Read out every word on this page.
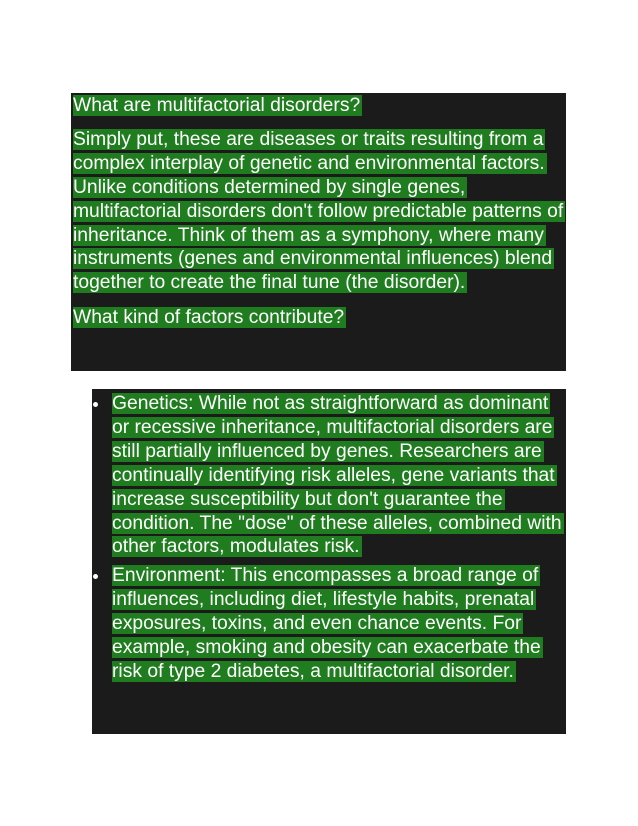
What are multifactorial disorders?

Simply put, these are diseases or traits resulting from a complex interplay of genetic and environmental factors. Unlike conditions determined by single genes, multifactorial disorders don't follow predictable patterns of inheritance. Think of them as a symphony, where many instruments (genes and environmental influences) blend together to create the final tune (the disorder).

What kind of factors contribute?

Genetics: While not as straightforward as dominant or recessive inheritance, multifactorial disorders are still partially influenced by genes. Researchers are continually identifying risk alleles, gene variants that increase susceptibility but don't guarantee the condition. The "dose" of these alleles, combined with other factors, modulates risk.
Environment: This encompasses a broad range of influences, including diet, lifestyle habits, prenatal exposures, toxins, and even chance events. For example, smoking and obesity can exacerbate the risk of type 2 diabetes, a multifactorial disorder.
